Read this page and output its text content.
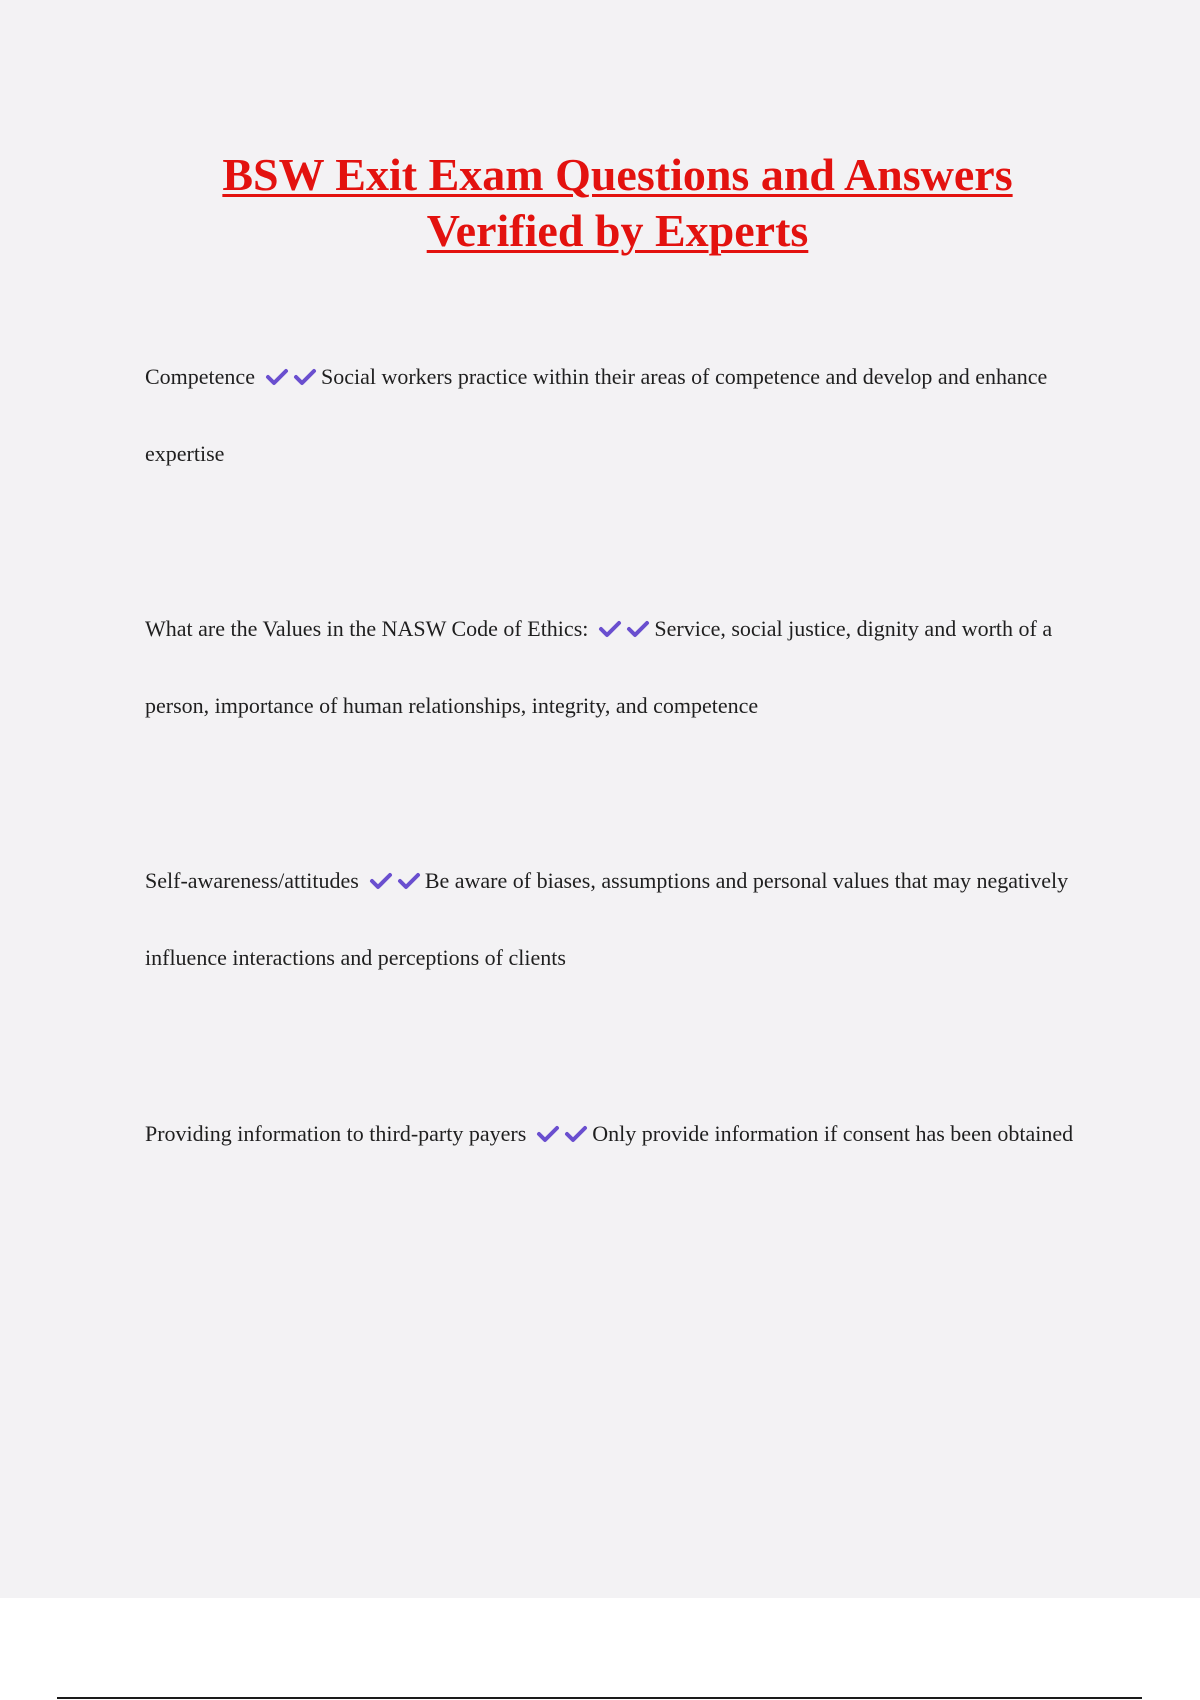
BSW Exit Exam Questions and Answers
Verified by Experts
Competence	Social workers practice within their areas of competence and develop and enhance expertise
What are the Values in the NASW Code of Ethics:	Service, social justice, dignity and worth of a person, importance of human relationships, integrity, and competence
Self-awareness/attitudes	Be aware of biases, assumptions and personal values that may negatively influence interactions and perceptions of clients
Providing information to third-party payers	Only provide information if consent has been obtained
